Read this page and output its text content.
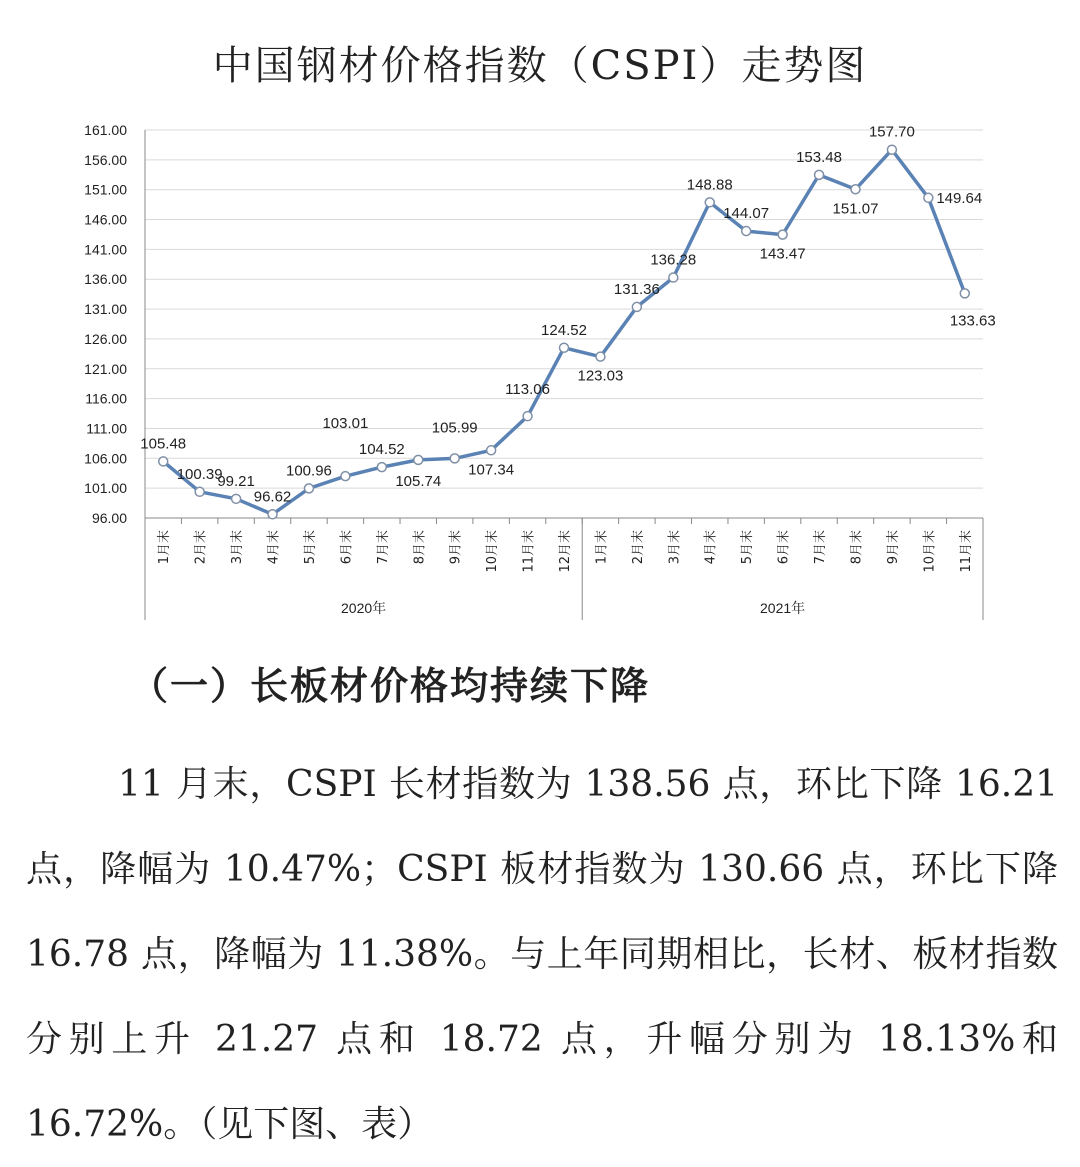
中国钢材价格指数（CSPI）走势图
96.00
101.00
106.00
111.00
116.00
121.00
126.00
131.00
136.00
141.00
146.00
151.00
156.00
161.00
1月末 2月末 3月末 4月末 5月末 6月末 7月末 8月末 9月末 10月末 11月末 12月末 1月末 2月末 3月末 4月末 5月末 6月末 7月末 8月末 9月末 10月末 11月末
2020年	2021年
105.48
100.39
99.21
96.62
100.96
103.01
104.52
105.74
105.99
107.34
113.06
124.52
123.03
131.36
136.28
148.88
144.07
143.47
153.48
151.07
157.70
149.64
133.63
（一）长板材价格均持续下降

11 月末，CSPI 长材指数为 138.56 点，环比下降 16.21 点，降幅为 10.47%；CSPI 板材指数为 130.66 点，环比下降 16.78 点，降幅为 11.38%。与上年同期相比，长材、板材指数分别上升 21.27 点和 18.72 点，升幅分别为 18.13%和 16.72%。（见下图、表）
